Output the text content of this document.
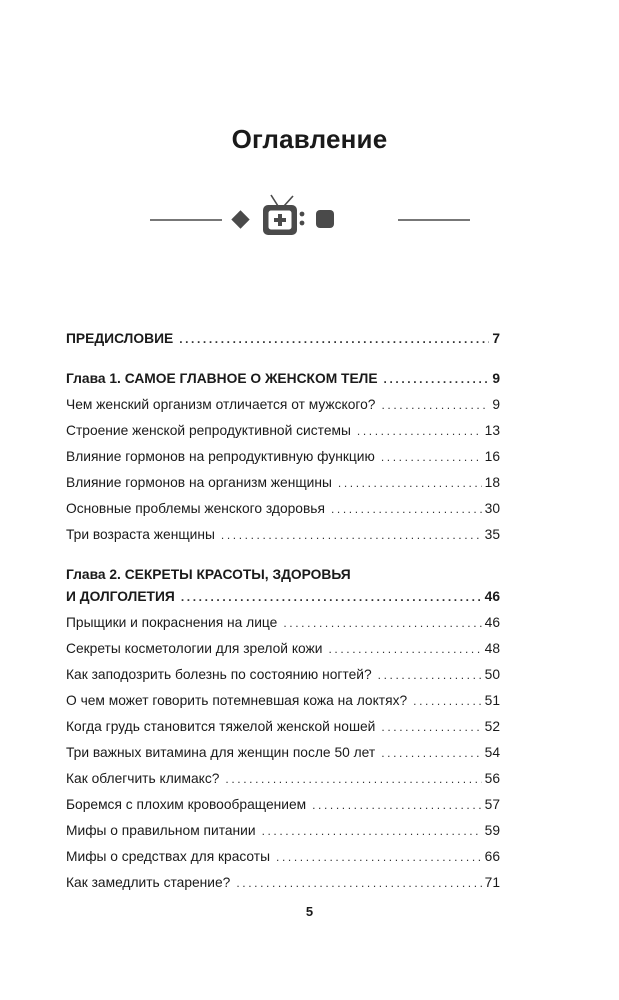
Оглавление
ПРЕДИСЛОВИЕ .....	7
Глава 1. САМОЕ ГЛАВНОЕ О ЖЕНСКОМ ТЕЛЕ .....	9
Чем женский организм отличается от мужского? .....	9
Строение женской репродуктивной системы .....	13
Влияние гормонов на репродуктивную функцию .....	16
Влияние гормонов на организм женщины .....	18
Основные проблемы женского здоровья .....	30
Три возраста женщины .....	35
Глава 2. СЕКРЕТЫ КРАСОТЫ, ЗДОРОВЬЯ
И ДОЛГОЛЕТИЯ .....	46
Прыщики и покраснения на лице .....	46
Секреты косметологии для зрелой кожи .....	48
Как заподозрить болезнь по состоянию ногтей? .....	50
О чем может говорить потемневшая кожа на локтях? .....	51
Когда грудь становится тяжелой женской ношей .....	52
Три важных витамина для женщин после 50 лет .....	54
Как облегчить климакс? .....	56
Боремся с плохим кровообращением .....	57
Мифы о правильном питании .....	59
Мифы о средствах для красоты .....	66
Как замедлить старение? .....	71
5
